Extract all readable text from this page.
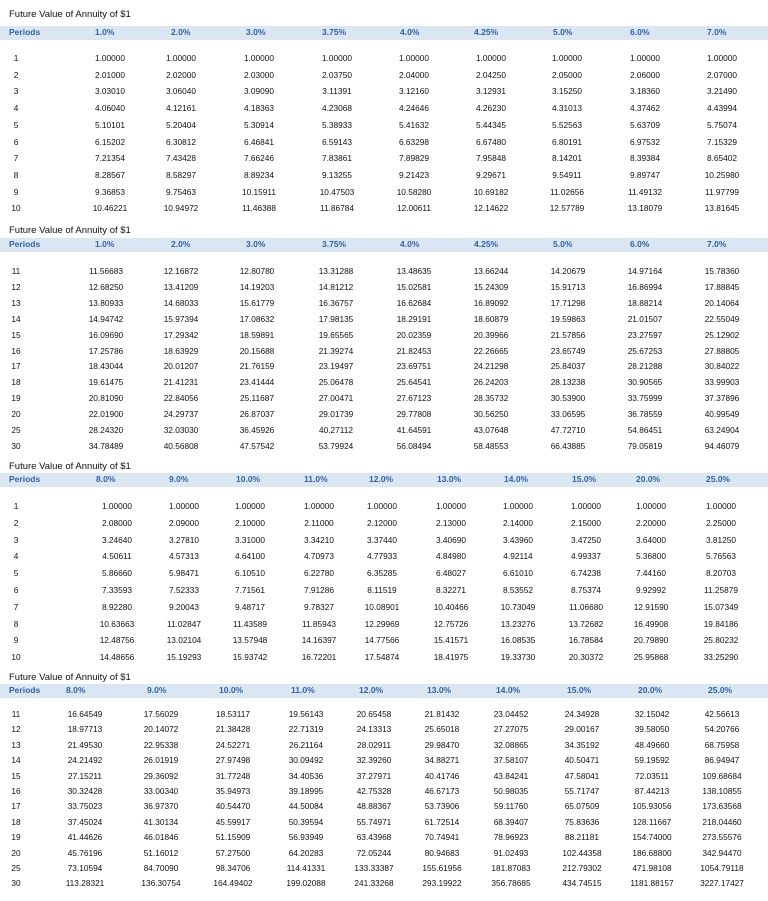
Future Value of Annuity of $1
Periods	1.0%	2.0%	3.0%	3.75%	4.0%	4.25%	5.0%	6.0%	7.0%
1	1.00000	1.00000	1.00000	1.00000	1.00000	1.00000	1.00000	1.00000	1.00000
2	2.01000	2.02000	2.03000	2.03750	2.04000	2.04250	2.05000	2.06000	2.07000
3	3.03010	3.06040	3.09090	3.11391	3.12160	3.12931	3.15250	3.18360	3.21490
4	4.06040	4.12161	4.18363	4.23068	4.24646	4.26230	4.31013	4.37462	4.43994
5	5.10101	5.20404	5.30914	5.38933	5.41632	5.44345	5.52563	5.63709	5.75074
6	6.15202	6.30812	6.46841	6.59143	6.63298	6.67480	6.80191	6.97532	7.15329
7	7.21354	7.43428	7.66246	7.83861	7.89829	7.95848	8.14201	8.39384	8.65402
8	8.28567	8.58297	8.89234	9.13255	9.21423	9.29671	9.54911	9.89747	10.25980
9	9.36853	9.75463	10.15911	10.47503	10.58280	10.69182	11.02656	11.49132	11.97799
10	10.46221	10.94972	11.46388	11.86784	12.00611	12.14622	12.57789	13.18079	13.81645
Future Value of Annuity of $1
Periods	1.0%	2.0%	3.0%	3.75%	4.0%	4.25%	5.0%	6.0%	7.0%
11	11.56683	12.16872	12.80780	13.31288	13.48635	13.66244	14.20679	14.97164	15.78360
12	12.68250	13.41209	14.19203	14.81212	15.02581	15.24309	15.91713	16.86994	17.88845
13	13.80933	14.68033	15.61779	16.36757	16.62684	16.89092	17.71298	18.88214	20.14064
14	14.94742	15.97394	17.08632	17.98135	18.29191	18.60879	19.59863	21.01507	22.55049
15	16.09690	17.29342	18.59891	19.65565	20.02359	20.39966	21.57856	23.27597	25.12902
16	17.25786	18.63929	20.15688	21.39274	21.82453	22.26665	23.65749	25.67253	27.88805
17	18.43044	20.01207	21.76159	23.19497	23.69751	24.21298	25.84037	28.21288	30.84022
18	19.61475	21.41231	23.41444	25.06478	25.64541	26.24203	28.13238	30.90565	33.99903
19	20.81090	22.84056	25.11687	27.00471	27.67123	28.35732	30.53900	33.75999	37.37896
20	22.01900	24.29737	26.87037	29.01739	29.77808	30.56250	33.06595	36.78559	40.99549
25	28.24320	32.03030	36.45926	40.27112	41.64591	43.07648	47.72710	54.86451	63.24904
30	34.78489	40.56808	47.57542	53.79924	56.08494	58.48553	66.43885	79.05819	94.46079
Future Value of Annuity of $1
Periods	8.0%	9.0%	10.0%	11.0%	12.0%	13.0%	14.0%	15.0%	20.0%	25.0%
1	1.00000	1.00000	1.00000	1.00000	1.00000	1.00000	1.00000	1.00000	1.00000	1.00000
2	2.08000	2.09000	2.10000	2.11000	2.12000	2.13000	2.14000	2.15000	2.20000	2.25000
3	3.24640	3.27810	3.31000	3.34210	3.37440	3.40690	3.43960	3.47250	3.64000	3.81250
4	4.50611	4.57313	4.64100	4.70973	4.77933	4.84980	4.92114	4.99337	5.36800	5.76563
5	5.86660	5.98471	6.10510	6.22780	6.35285	6.48027	6.61010	6.74238	7.44160	8.20703
6	7.33593	7.52333	7.71561	7.91286	8.11519	8.32271	8.53552	8.75374	9.92992	11.25879
7	8.92280	9.20043	9.48717	9.78327	10.08901	10.40466	10.73049	11.06680	12.91590	15.07349
8	10.63663	11.02847	11.43589	11.85943	12.29969	12.75726	13.23276	13.72682	16.49908	19.84186
9	12.48756	13.02104	13.57948	14.16397	14.77566	15.41571	16.08535	16.78584	20.79890	25.80232
10	14.48656	15.19293	15.93742	16.72201	17.54874	18.41975	19.33730	20.30372	25.95868	33.25290
Future Value of Annuity of $1
Periods	8.0%	9.0%	10.0%	11.0%	12.0%	13.0%	14.0%	15.0%	20.0%	25.0%
11	16.64549	17.56029	18.53117	19.56143	20.65458	21.81432	23.04452	24.34928	32.15042	42.56613
12	18.97713	20.14072	21.38428	22.71319	24.13313	25.65018	27.27075	29.00167	39.58050	54.20766
13	21.49530	22.95338	24.52271	26.21164	28.02911	29.98470	32.08865	34.35192	48.49660	68.75958
14	24.21492	26.01919	27.97498	30.09492	32.39260	34.88271	37.58107	40.50471	59.19592	86.94947
15	27.15211	29.36092	31.77248	34.40536	37.27971	40.41746	43.84241	47.58041	72.03511	109.68684
16	30.32428	33.00340	35.94973	39.18995	42.75328	46.67173	50.98035	55.71747	87.44213	138.10855
17	33.75023	36.97370	40.54470	44.50084	48.88367	53.73906	59.11760	65.07509	105.93056	173.63568
18	37.45024	41.30134	45.59917	50.39594	55.74971	61.72514	68.39407	75.83636	128.11667	218.04460
19	41.44626	46.01846	51.15909	56.93949	63.43968	70.74941	78.96923	88.21181	154.74000	273.55576
20	45.76196	51.16012	57.27500	64.20283	72.05244	80.94683	91.02493	102.44358	186.68800	342.94470
25	73.10594	84.70090	98.34706	114.41331	133.33387	155.61956	181.87083	212.79302	471.98108	1054.79118
30	113.28321	136.30754	164.49402	199.02088	241.33268	293.19922	356.78685	434.74515	1181.88157	3227.17427
